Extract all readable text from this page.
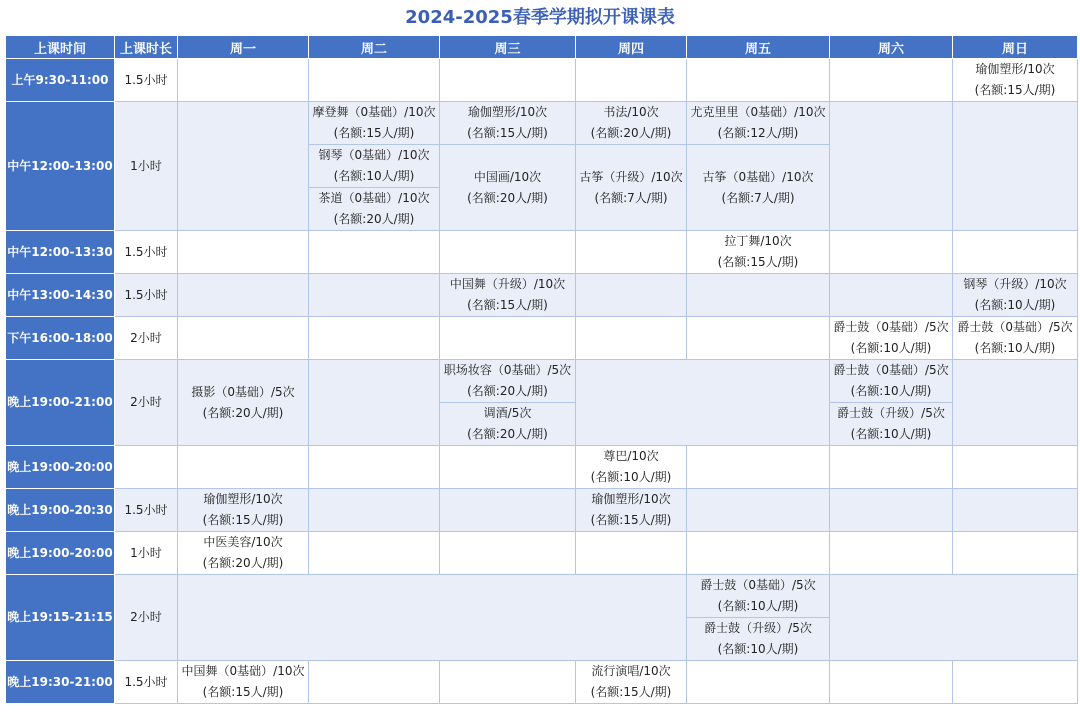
2024-2025春季学期拟开课课表
上课时间	上课时长	周一	周二	周三	周四	周五	周六	周日
上午9:30-11:00	1.5小时							瑜伽塑形/10次
(名额:15人/期)

中午12:00-13:00	1小时		摩登舞（0基础）/10次
(名额:15人/期)	瑜伽塑形/10次
(名额:15人/期)	书法/10次
(名额:20人/期)	尤克里里（0基础）/10次
(名额:12人/期)		

			钢琴（0基础）/10次
(名额:10人/期)	中国画/10次
(名额:20人/期)	古筝（升级）/10次
(名额:7人/期)	古筝（0基础）/10次
(名额:7人/期)		

			茶道（0基础）/10次
(名额:20人/期)					

中午12:00-13:30	1.5小时					拉丁舞/10次
(名额:15人/期)		

中午13:00-14:30	1.5小时			中国舞（升级）/10次
(名额:15人/期)				钢琴（升级）/10次
(名额:10人/期)

下午16:00-18:00	2小时						爵士鼓（0基础）/5次
(名额:10人/期)	爵士鼓（0基础）/5次
(名额:10人/期)

晚上19:00-21:00	2小时	摄影（0基础）/5次
(名额:20人/期)		职场妆容（0基础）/5次
(名额:20人/期)			爵士鼓（0基础）/5次
(名额:10人/期)	

				调酒/5次
(名额:20人/期)			爵士鼓（升级）/5次
(名额:10人/期)	

晚上19:00-20:00					尊巴/10次
(名额:10人/期)			

晚上19:00-20:30	1.5小时	瑜伽塑形/10次
(名额:15人/期)			瑜伽塑形/10次
(名额:15人/期)			

晚上19:00-20:00	1小时	中医美容/10次
(名额:20人/期)						

晚上19:15-21:15	2小时					爵士鼓（0基础）/5次
(名额:10人/期)		

						爵士鼓（升级）/5次
(名额:10人/期)		

晚上19:30-21:00	1.5小时	中国舞（0基础）/10次
(名额:15人/期)			流行演唱/10次
(名额:15人/期)			
